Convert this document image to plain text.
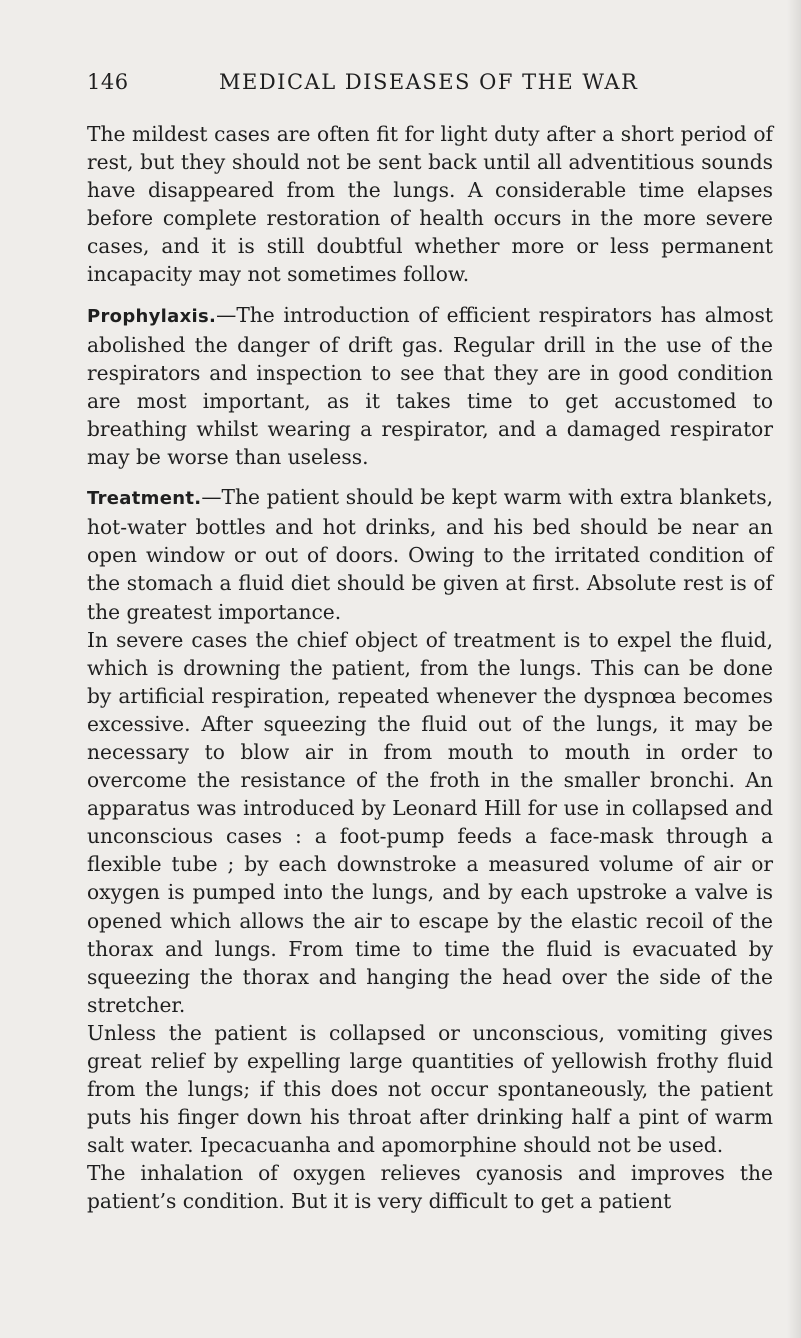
146	MEDICAL DISEASES OF THE WAR

The mildest cases are often fit for light duty after a short period of rest, but they should not be sent back until all adventitious sounds have disappeared from the lungs. A considerable time elapses before complete restoration of health occurs in the more severe cases, and it is still doubtful whether more or less permanent incapacity may not sometimes follow.

Prophylaxis.—The introduction of efficient respirators has almost abolished the danger of drift gas. Regular drill in the use of the respirators and inspection to see that they are in good condition are most important, as it takes time to get accustomed to breathing whilst wearing a respirator, and a damaged respirator may be worse than useless.

Treatment.—The patient should be kept warm with extra blankets, hot-water bottles and hot drinks, and his bed should be near an open window or out of doors. Owing to the irritated condition of the stomach a fluid diet should be given at first. Absolute rest is of the greatest importance.

In severe cases the chief object of treatment is to expel the fluid, which is drowning the patient, from the lungs. This can be done by artificial respiration, repeated whenever the dyspnœa becomes excessive. After squeezing the fluid out of the lungs, it may be necessary to blow air in from mouth to mouth in order to overcome the resistance of the froth in the smaller bronchi. An apparatus was introduced by Leonard Hill for use in collapsed and unconscious cases : a foot-pump feeds a face-mask through a flexible tube ; by each downstroke a measured volume of air or oxygen is pumped into the lungs, and by each upstroke a valve is opened which allows the air to escape by the elastic recoil of the thorax and lungs. From time to time the fluid is evacuated by squeezing the thorax and hanging the head over the side of the stretcher.

Unless the patient is collapsed or unconscious, vomiting gives great relief by expelling large quantities of yellowish frothy fluid from the lungs; if this does not occur spontaneously, the patient puts his finger down his throat after drinking half a pint of warm salt water. Ipecacuanha and apomorphine should not be used.

The inhalation of oxygen relieves cyanosis and improves the patient’s condition. But it is very difficult to get a patient
